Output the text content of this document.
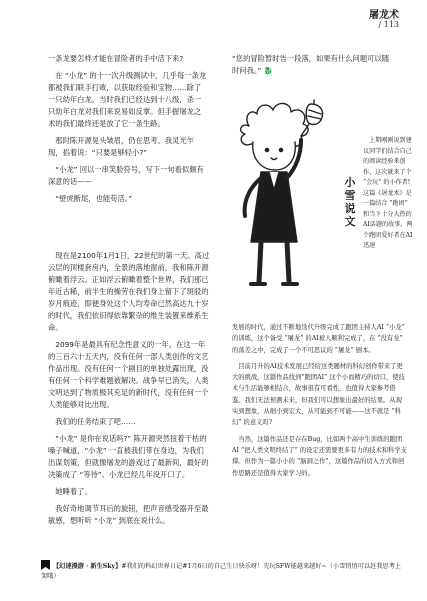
屠龙术
/ 113

一条龙要怎样才能在冒险者的手中活下来?

在 “小龙” 的十一次升级测试中，几乎每一条龙都被我们联手打败，以获取经验和宝物……除了一只幼年白龙。当时我们已经达到十八级，杀一只幼年白龙对我们来说易如反掌。但手握屠龙之术的我们最终还是放了它一条生路。

那时陈开源晃头皱眉，仍在思考。我灵光乍现，掐着说：“只要是够轻小?”

“小龙” 回以一串笑脸符号，写下一句看似颇有深意的话——

“壁虎断尾，也能苟活。”

现在是2100年1月1日，22世纪的第一天。高过云层的顶楼套房内，全景的落地窗前，我和陈开源俯瞰着浮云。正如浮云俯瞰着整个世界，我们那已年近古稀，前半生的操劳在我们身上留下了斑驳的岁月痕迹，即便身处这个人均寿命已然高达九十岁的时代，我们依旧得依靠繁杂的维生装置来维系生命。

2099年是最具有纪念性意义的一年。在这一年的三百六十五天内，没有任何一部人类创作的文艺作品出现。没有任何一个剧目的单独处露出现，没有任何一个科学难题被解决。战争早已消失，人类文明达到了物质极其充足的新时代，没有任何一个人类能够对比出现。

我们的任务结束了吧……

“小龙” 是你在说话吗?” 陈开源突然扭着干枯的嗓子喊道，“小龙” 一直被我们带在身边，为我们出谋划策，但就像屠龙的游戏过了最新间，最好的决策成了 “等待”。小龙已经几年没开口了。

她睡着了。

我好奇地调节耳后的旋钮，把声音感受器开至最敏感，想听听 “小龙” 到底在说什么。

“您的冒险暂时告一段落，如果有什么问题可以随时问我。” 🐉

小雪说文

上期刚刚说到建议同学们结合自己的阅读经验来创作，这次就来了个 “会玩” 的小作者!这篇《屠龙术》是一篇结合 “跑团” 和当下十分大热的AI话题的故事，两个跑团爱好者在AI迅速

发展的时代，通过不断地迭代升级完成了跑团主持人AI “小龙” 的训练，这个备受 “屠龙” 的AI被人顺利完成了，在 “没有龙” 的落差之中，完成了一个不可思议的 “屠龙” 剧本。

目前月升的AI技术发展已经给这类题材的科幻创作带来了更大的挑战，这篇作品找到“跑团AI” 这个小而精巧的切口，使技术与生活能够相结合，故事很有可看性，也值得大家参考借鉴。我们无法预测未来，但我们可以想象出最好的结果。从现实到想象，从细小到宏大，从可能到不可能——这不就是 “科幻” 的意义吗?

当然，这篇作品还是存在Bug，比如两个高中生训练的跑团AI “把人类文明终结了” 的设定还需要更多有力的技术和科学支撑。但作为一篇小小的 “脑洞之作”，这篇作品的切入方式和创作思路还是值得大家学习的。

【幻速漫游 · 新生Sky】#我们的科幻世界日记#1月6日的自己生日快乐呀！先玩SFW能越来越好~（小雪悄悄可以赶我思考上架哦）
